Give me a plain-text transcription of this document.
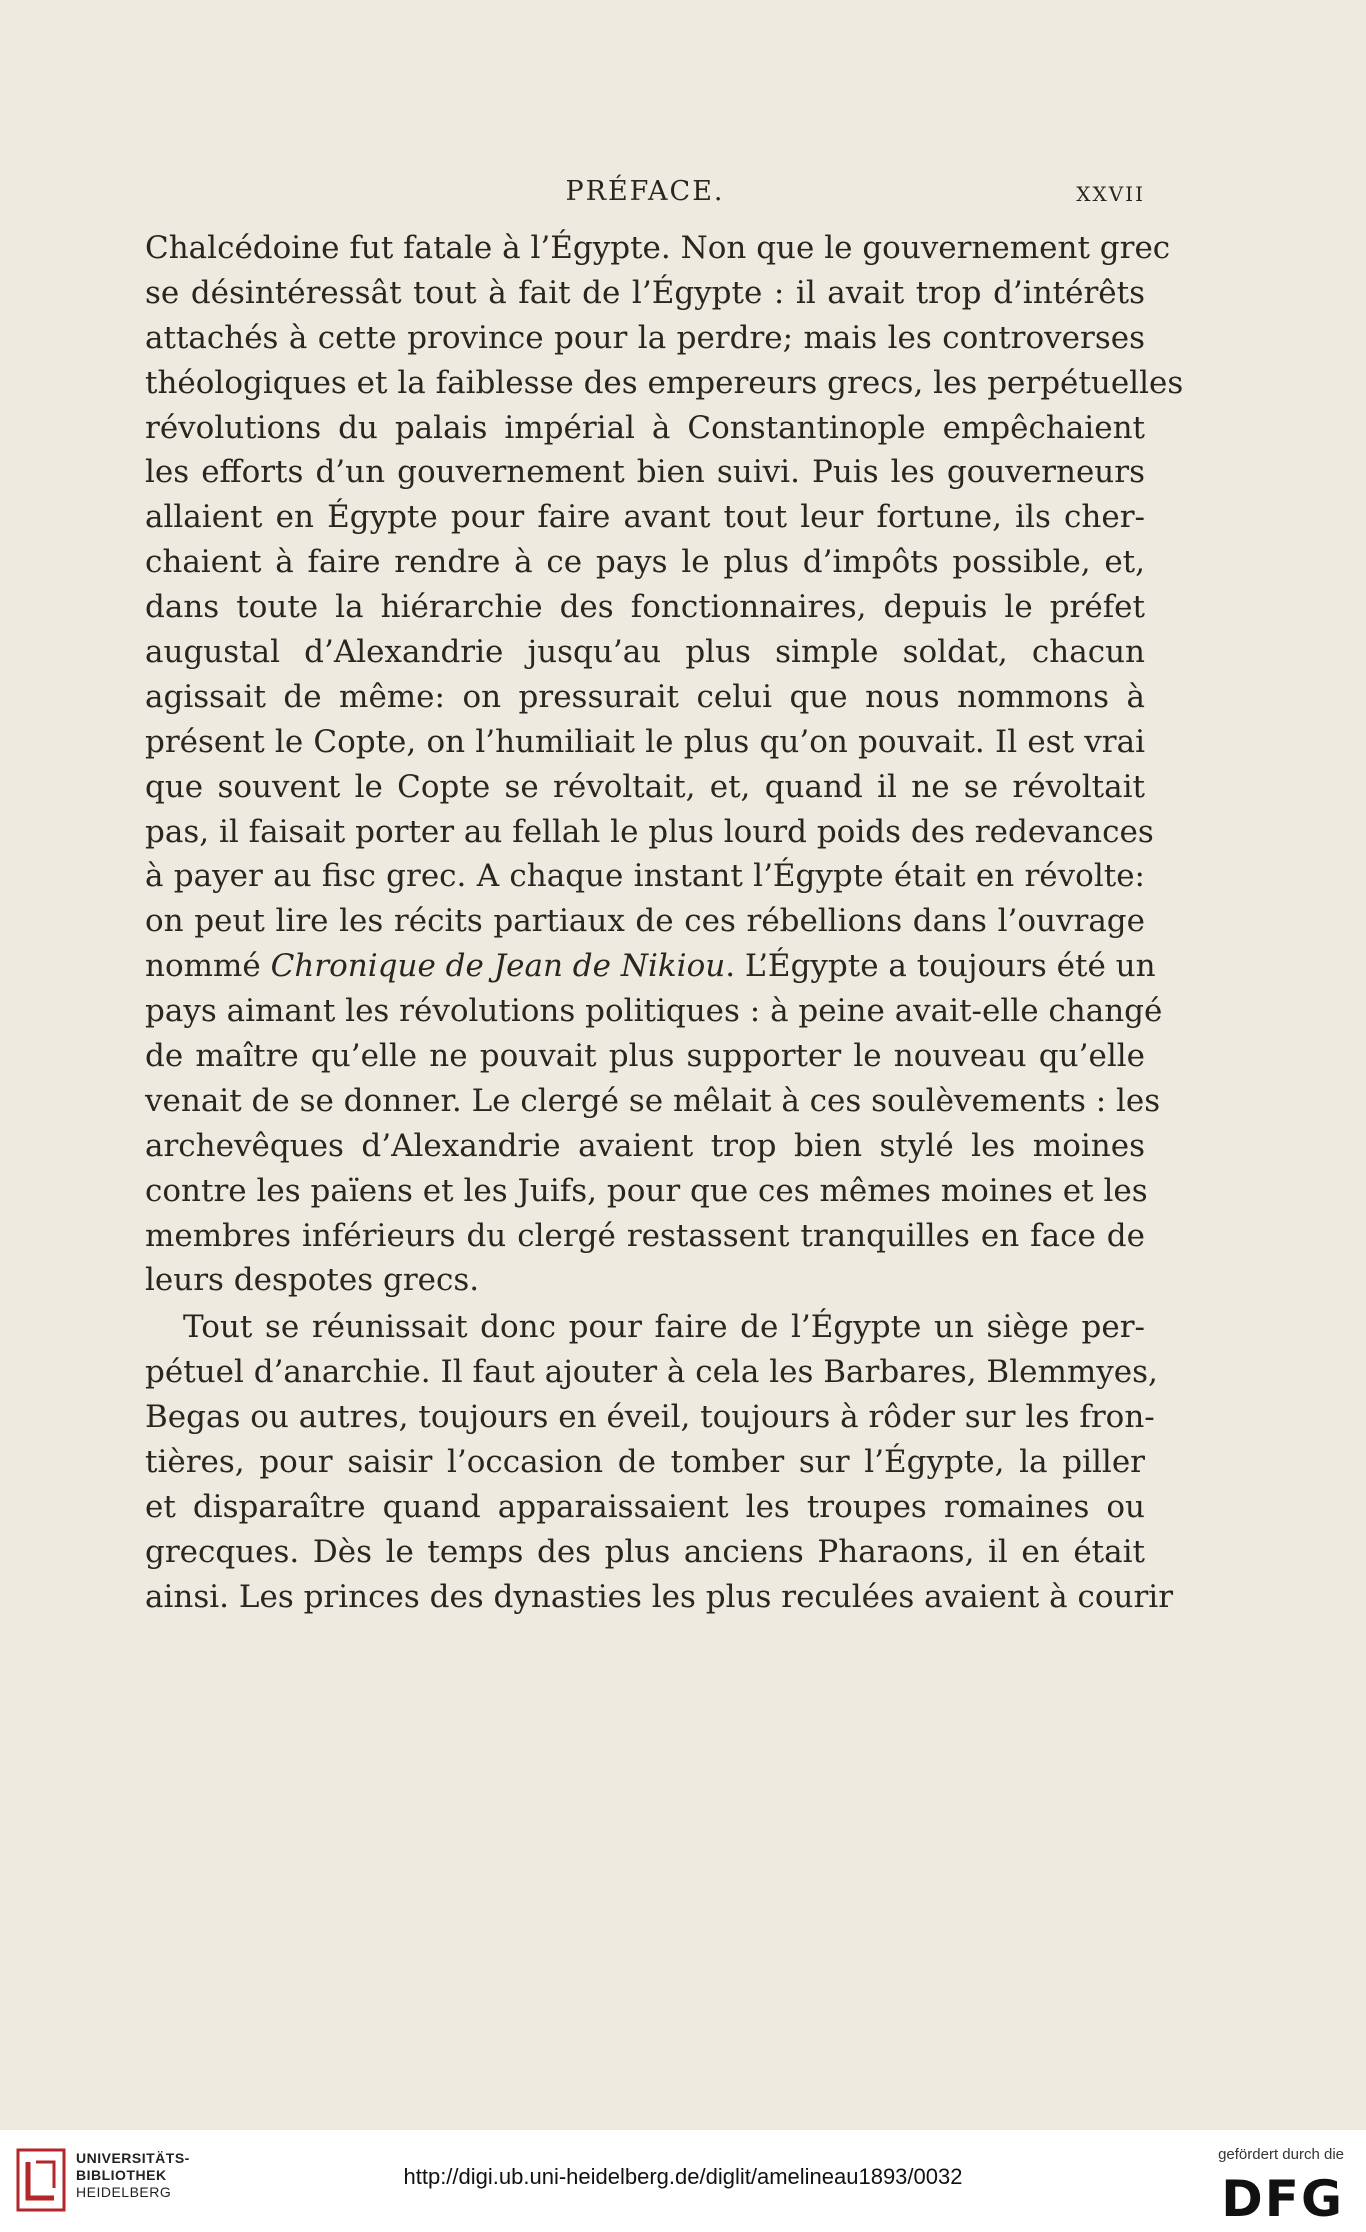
PRÉFACE.	XXVII
Chalcédoine fut fatale à l’Égypte. Non que le gouvernement grec
se désintéressât tout à fait de l’Égypte : il avait trop d’intérêts
attachés à cette province pour la perdre; mais les controverses
théologiques et la faiblesse des empereurs grecs, les perpétuelles
révolutions du palais impérial à Constantinople empêchaient
les efforts d’un gouvernement bien suivi. Puis les gouverneurs
allaient en Égypte pour faire avant tout leur fortune, ils cher-
chaient à faire rendre à ce pays le plus d’impôts possible, et,
dans toute la hiérarchie des fonctionnaires, depuis le préfet
augustal d’Alexandrie jusqu’au plus simple soldat, chacun
agissait de même: on pressurait celui que nous nommons à
présent le Copte, on l’humiliait le plus qu’on pouvait. Il est vrai
que souvent le Copte se révoltait, et, quand il ne se révoltait
pas, il faisait porter au fellah le plus lourd poids des redevances
à payer au fisc grec. A chaque instant l’Égypte était en révolte:
on peut lire les récits partiaux de ces rébellions dans l’ouvrage
nommé Chronique de Jean de Nikiou. L’Égypte a toujours été un
pays aimant les révolutions politiques : à peine avait-elle changé
de maître qu’elle ne pouvait plus supporter le nouveau qu’elle
venait de se donner. Le clergé se mêlait à ces soulèvements : les
archevêques d’Alexandrie avaient trop bien stylé les moines
contre les païens et les Juifs, pour que ces mêmes moines et les
membres inférieurs du clergé restassent tranquilles en face de
leurs despotes grecs.
Tout se réunissait donc pour faire de l’Égypte un siège per-
pétuel d’anarchie. Il faut ajouter à cela les Barbares, Blemmyes,
Begas ou autres, toujours en éveil, toujours à rôder sur les fron-
tières, pour saisir l’occasion de tomber sur l’Égypte, la piller
et disparaître quand apparaissaient les troupes romaines ou
grecques. Dès le temps des plus anciens Pharaons, il en était
ainsi. Les princes des dynasties les plus reculées avaient à courir
UNIVERSITÄTS-
BIBLIOTHEK
HEIDELBERG
http://digi.ub.uni-heidelberg.de/diglit/amelineau1893/0032
gefördert durch die
DFG
